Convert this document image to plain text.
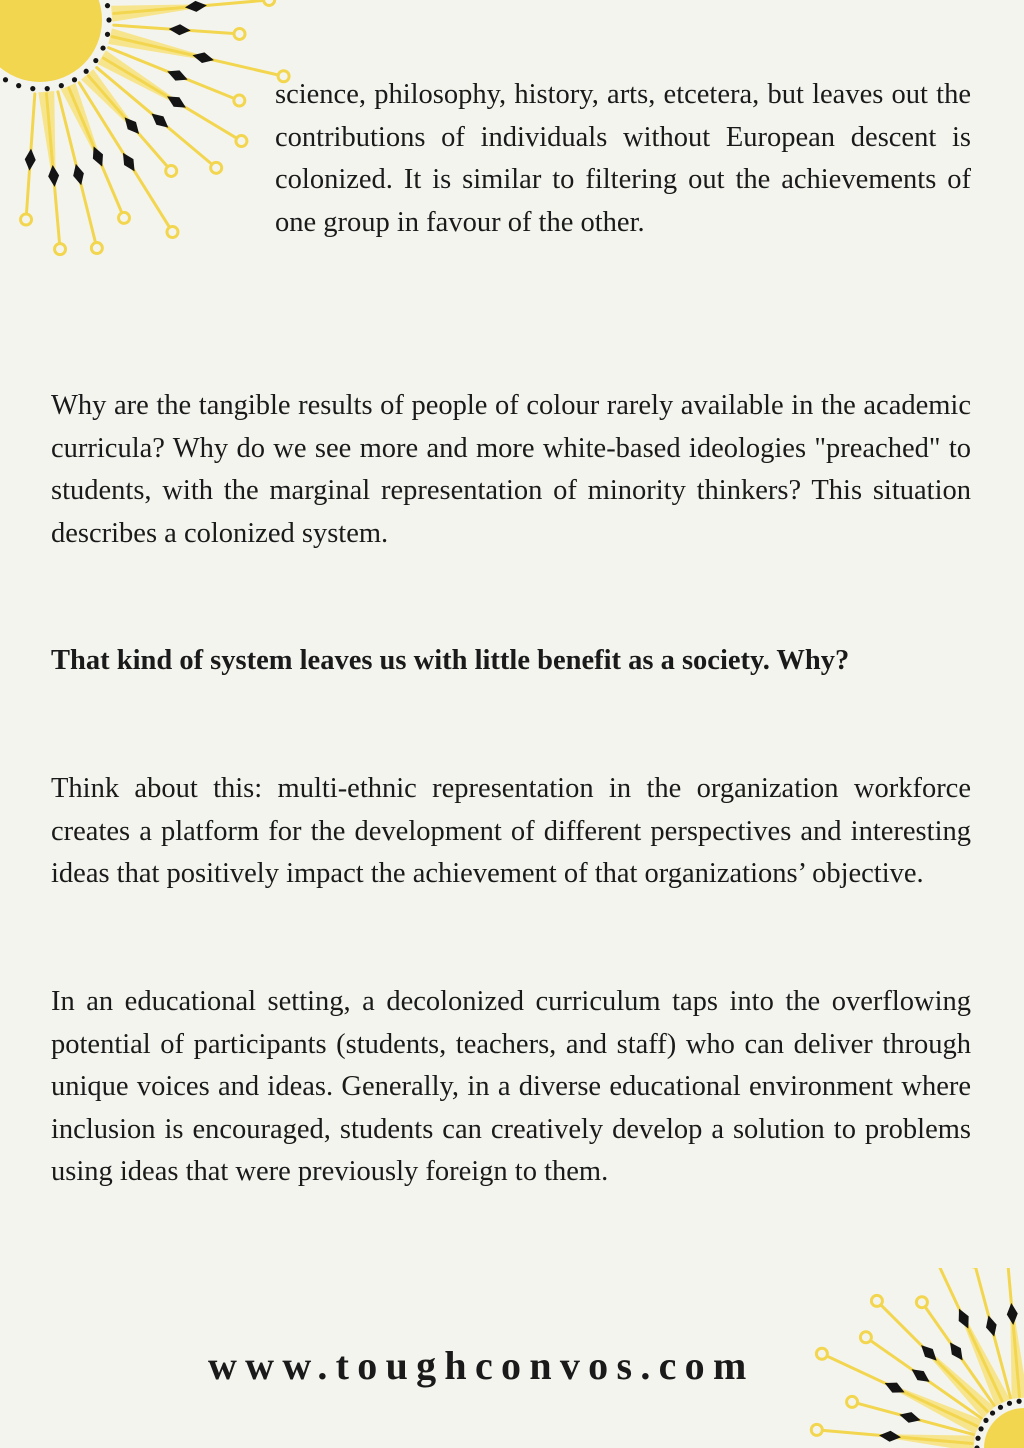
science, philosophy, history, arts, etcetera, but leaves out the contributions of individuals without European descent is colonized. It is similar to filtering out the achievements of one group in favour of the other.

Why are the tangible results of people of colour rarely available in the academic curricula? Why do we see more and more white-based ideologies "preached" to students, with the marginal representation of minority thinkers? This situation describes a colonized system.

That kind of system leaves us with little benefit as a society. Why?

Think about this: multi-ethnic representation in the organization workforce creates a platform for the development of different perspectives and interesting ideas that positively impact the achievement of that organizations’ objective.

In an educational setting, a decolonized curriculum taps into the overflowing potential of participants (students, teachers, and staff) who can deliver through unique voices and ideas. Generally, in a diverse educational environment where inclusion is encouraged, students can creatively develop a solution to problems using ideas that were previously foreign to them.

www.toughconvos.com
